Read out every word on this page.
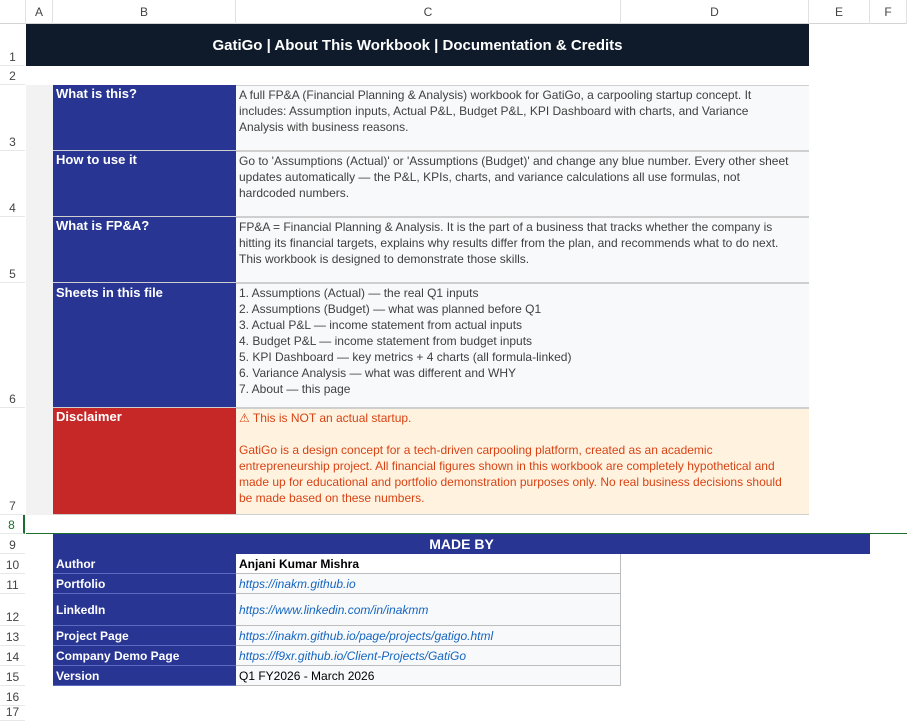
A	B	C	D	E	F
1
2
3
4
5
6
7
8
9
10
11
12
13
14
15
16
17
GatiGo | About This Workbook | Documentation & Credits
What is this?	A full FP&A (Financial Planning & Analysis) workbook for GatiGo, a carpooling startup concept. It
includes: Assumption inputs, Actual P&L, Budget P&L, KPI Dashboard with charts, and Variance
Analysis with business reasons.
How to use it	Go to 'Assumptions (Actual)' or 'Assumptions (Budget)' and change any blue number. Every other sheet
updates automatically — the P&L, KPIs, charts, and variance calculations all use formulas, not
hardcoded numbers.
What is FP&A?	FP&A = Financial Planning & Analysis. It is the part of a business that tracks whether the company is
hitting its financial targets, explains why results differ from the plan, and recommends what to do next.
This workbook is designed to demonstrate those skills.
Sheets in this file	1. Assumptions (Actual) — the real Q1 inputs
2. Assumptions (Budget) — what was planned before Q1
3. Actual P&L — income statement from actual inputs
4. Budget P&L — income statement from budget inputs
5. KPI Dashboard — key metrics + 4 charts (all formula-linked)
6. Variance Analysis — what was different and WHY
7. About — this page
Disclaimer	⚠ This is NOT an actual startup.
GatiGo is a design concept for a tech-driven carpooling platform, created as an academic
entrepreneurship project. All financial figures shown in this workbook are completely hypothetical and
made up for educational and portfolio demonstration purposes only. No real business decisions should
be made based on these numbers.
MADE BY
Author	Anjani Kumar Mishra
Portfolio	https://inakm.github.io
LinkedIn	https://www.linkedin.com/in/inakmm
Project Page	https://inakm.github.io/page/projects/gatigo.html
Company Demo Page	https://f9xr.github.io/Client-Projects/GatiGo
Version	Q1 FY2026 - March 2026
